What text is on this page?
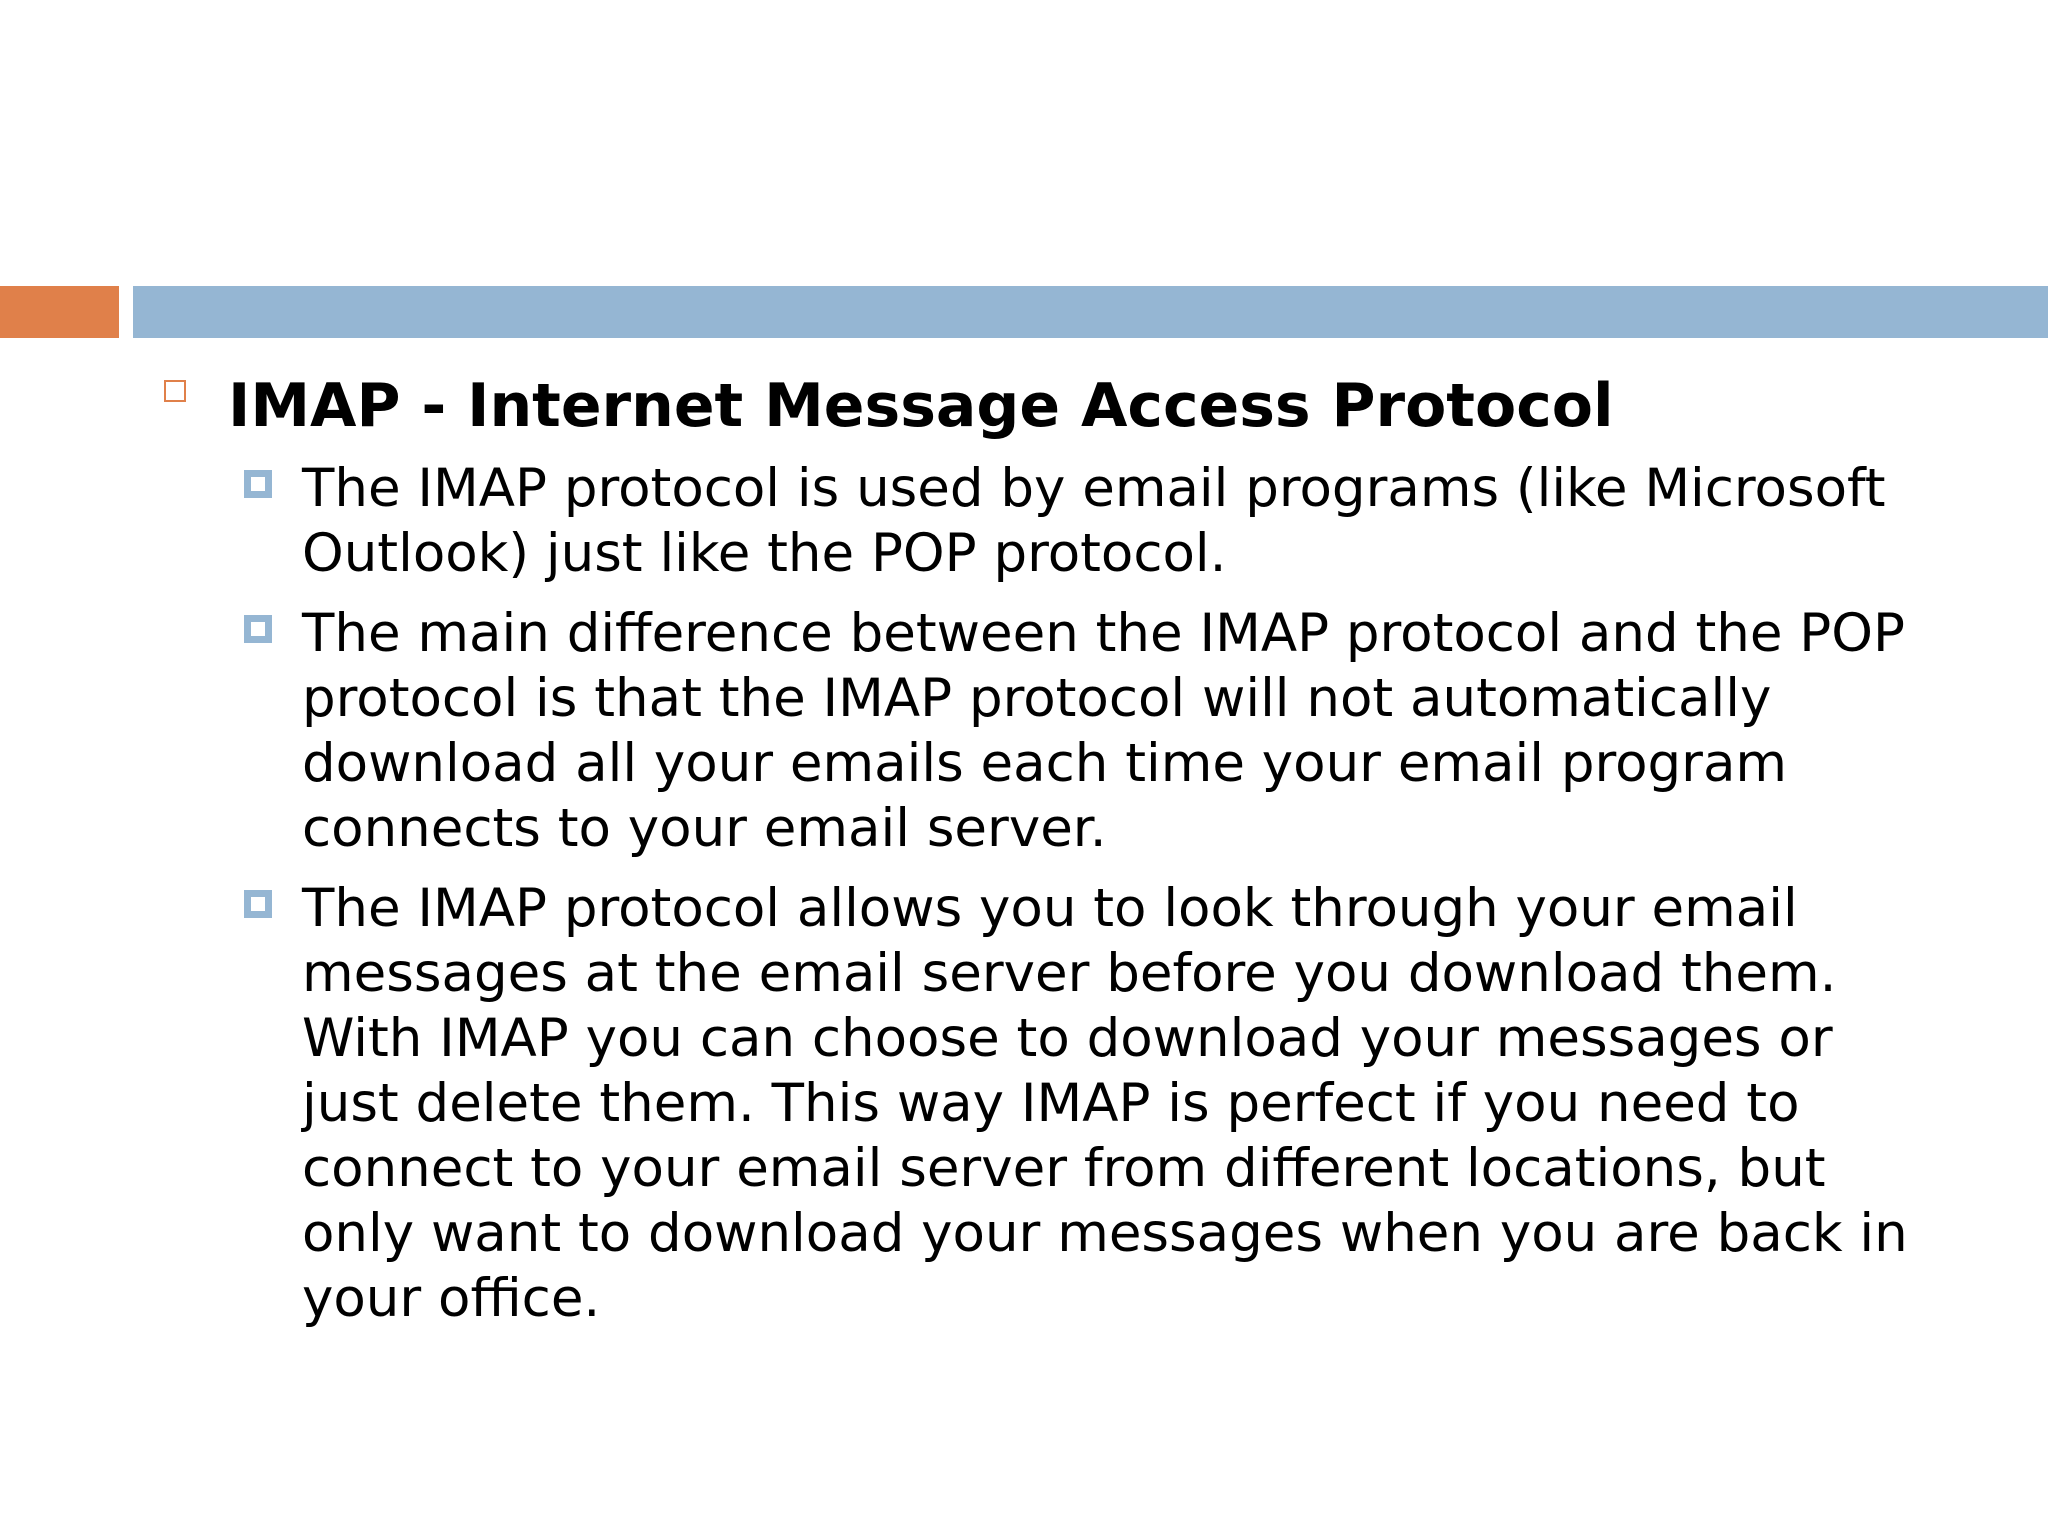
IMAP - Internet Message Access Protocol
The IMAP protocol is used by email programs (like Microsoft Outlook) just like the POP protocol.
The main difference between the IMAP protocol and the POP protocol is that the IMAP protocol will not automatically download all your emails each time your email program connects to your email server.
The IMAP protocol allows you to look through your email messages at the email server before you download them. With IMAP you can choose to download your messages or just delete them. This way IMAP is perfect if you need to connect to your email server from different locations, but only want to download your messages when you are back in your office.
